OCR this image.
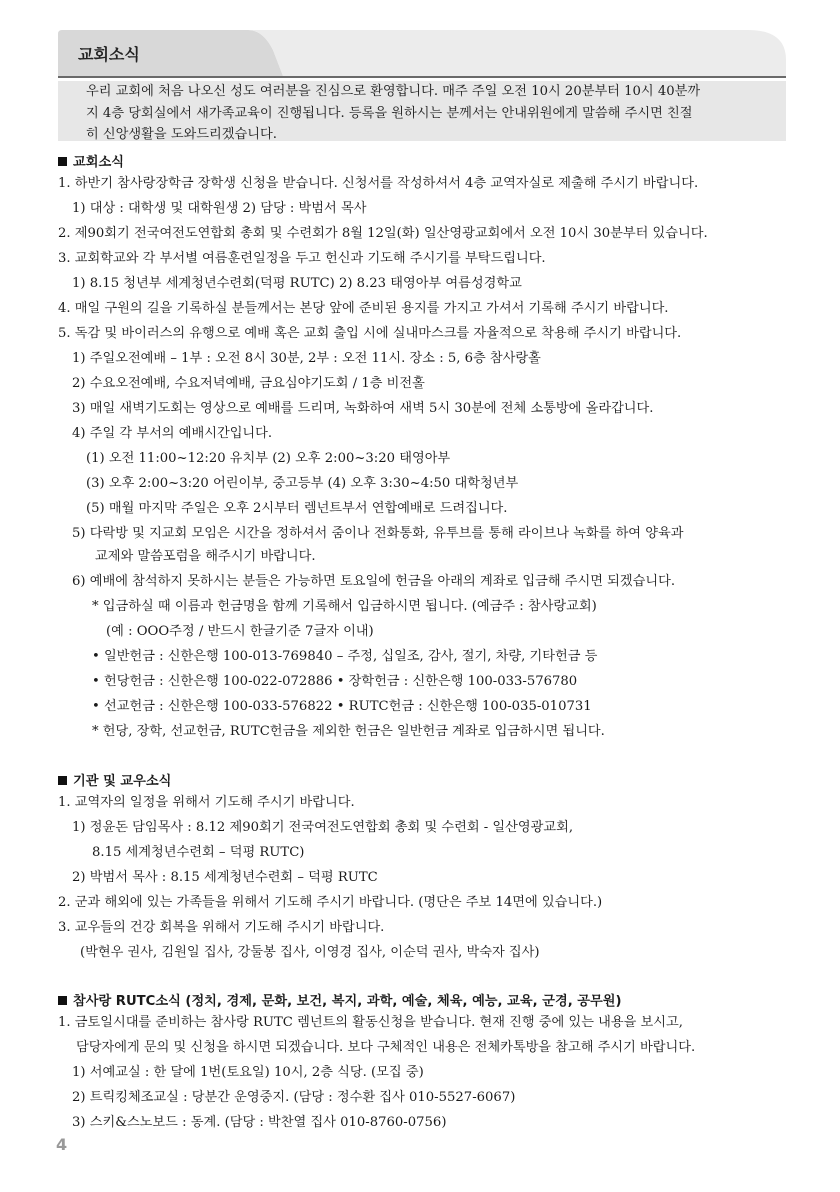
교회소식
우리 교회에 처음 나오신 성도 여러분을 진심으로 환영합니다. 매주 주일 오전 10시 20분부터 10시 40분까
지 4층 당회실에서 새가족교육이 진행됩니다. 등록을 원하시는 분께서는 안내위원에게 말씀해 주시면 친절
히 신앙생활을 도와드리겠습니다.
교회소식
1. 하반기 참사랑장학금 장학생 신청을 받습니다. 신청서를 작성하셔서 4층 교역자실로 제출해 주시기 바랍니다.
1) 대상 : 대학생 및 대학원생 2) 담당 : 박범서 목사
2. 제90회기 전국여전도연합회 총회 및 수련회가 8월 12일(화) 일산영광교회에서 오전 10시 30분부터 있습니다.
3. 교회학교와 각 부서별 여름훈련일정을 두고 헌신과 기도해 주시기를 부탁드립니다.
1) 8.15 청년부 세계청년수련회(덕평 RUTC) 2) 8.23 태영아부 여름성경학교
4. 매일 구원의 길을 기록하실 분들께서는 본당 앞에 준비된 용지를 가지고 가셔서 기록해 주시기 바랍니다.
5. 독감 및 바이러스의 유행으로 예배 혹은 교회 출입 시에 실내마스크를 자율적으로 착용해 주시기 바랍니다.
1) 주일오전예배 – 1부 : 오전 8시 30분, 2부 : 오전 11시. 장소 : 5, 6층 참사랑홀
2) 수요오전예배, 수요저녁예배, 금요심야기도회 / 1층 비전홀
3) 매일 새벽기도회는 영상으로 예배를 드리며, 녹화하여 새벽 5시 30분에 전체 소통방에 올라갑니다.
4) 주일 각 부서의 예배시간입니다.
(1) 오전 11:00~12:20 유치부 (2) 오후 2:00~3:20 태영아부
(3) 오후 2:00~3:20 어린이부, 중고등부 (4) 오후 3:30~4:50 대학청년부
(5) 매월 마지막 주일은 오후 2시부터 렘넌트부서 연합예배로 드려집니다.
5) 다락방 및 지교회 모임은 시간을 정하셔서 줌이나 전화통화, 유투브를 통해 라이브나 녹화를 하여 양육과
교제와 말씀포럼을 해주시기 바랍니다.
6) 예배에 참석하지 못하시는 분들은 가능하면 토요일에 헌금을 아래의 계좌로 입금해 주시면 되겠습니다.
* 입금하실 때 이름과 헌금명을 함께 기록해서 입금하시면 됩니다. (예금주 : 참사랑교회)
(예 : OOO주정 / 반드시 한글기준 7글자 이내)
• 일반헌금 : 신한은행 100-013-769840 – 주정, 십일조, 감사, 절기, 차량, 기타헌금 등
• 헌당헌금 : 신한은행 100-022-072886 • 장학헌금 : 신한은행 100-033-576780
• 선교헌금 : 신한은행 100-033-576822 • RUTC헌금 : 신한은행 100-035-010731
* 헌당, 장학, 선교헌금, RUTC헌금을 제외한 헌금은 일반헌금 계좌로 입금하시면 됩니다.
기관 및 교우소식
1. 교역자의 일정을 위해서 기도해 주시기 바랍니다.
1) 정윤돈 담임목사 : 8.12 제90회기 전국여전도연합회 총회 및 수련회 - 일산영광교회,
8.15 세계청년수련회 – 덕평 RUTC)
2) 박범서 목사 : 8.15 세계청년수련회 – 덕평 RUTC
2. 군과 해외에 있는 가족들을 위해서 기도해 주시기 바랍니다. (명단은 주보 14면에 있습니다.)
3. 교우들의 건강 회복을 위해서 기도해 주시기 바랍니다.
(박현우 권사, 김원일 집사, 강둘봉 집사, 이영경 집사, 이순덕 권사, 박숙자 집사)
참사랑 RUTC소식 (정치, 경제, 문화, 보건, 복지, 과학, 예술, 체육, 예능, 교육, 군경, 공무원)
1. 금토일시대를 준비하는 참사랑 RUTC 렘넌트의 활동신청을 받습니다. 현재 진행 중에 있는 내용을 보시고,
담당자에게 문의 및 신청을 하시면 되겠습니다. 보다 구체적인 내용은 전체카톡방을 참고해 주시기 바랍니다.
1) 서예교실 : 한 달에 1번(토요일) 10시, 2층 식당. (모집 중)
2) 트릭킹체조교실 : 당분간 운영중지. (담당 : 정수환 집사 010-5527-6067)
3) 스키&스노보드 : 동계. (담당 : 박찬열 집사 010-8760-0756)
4
